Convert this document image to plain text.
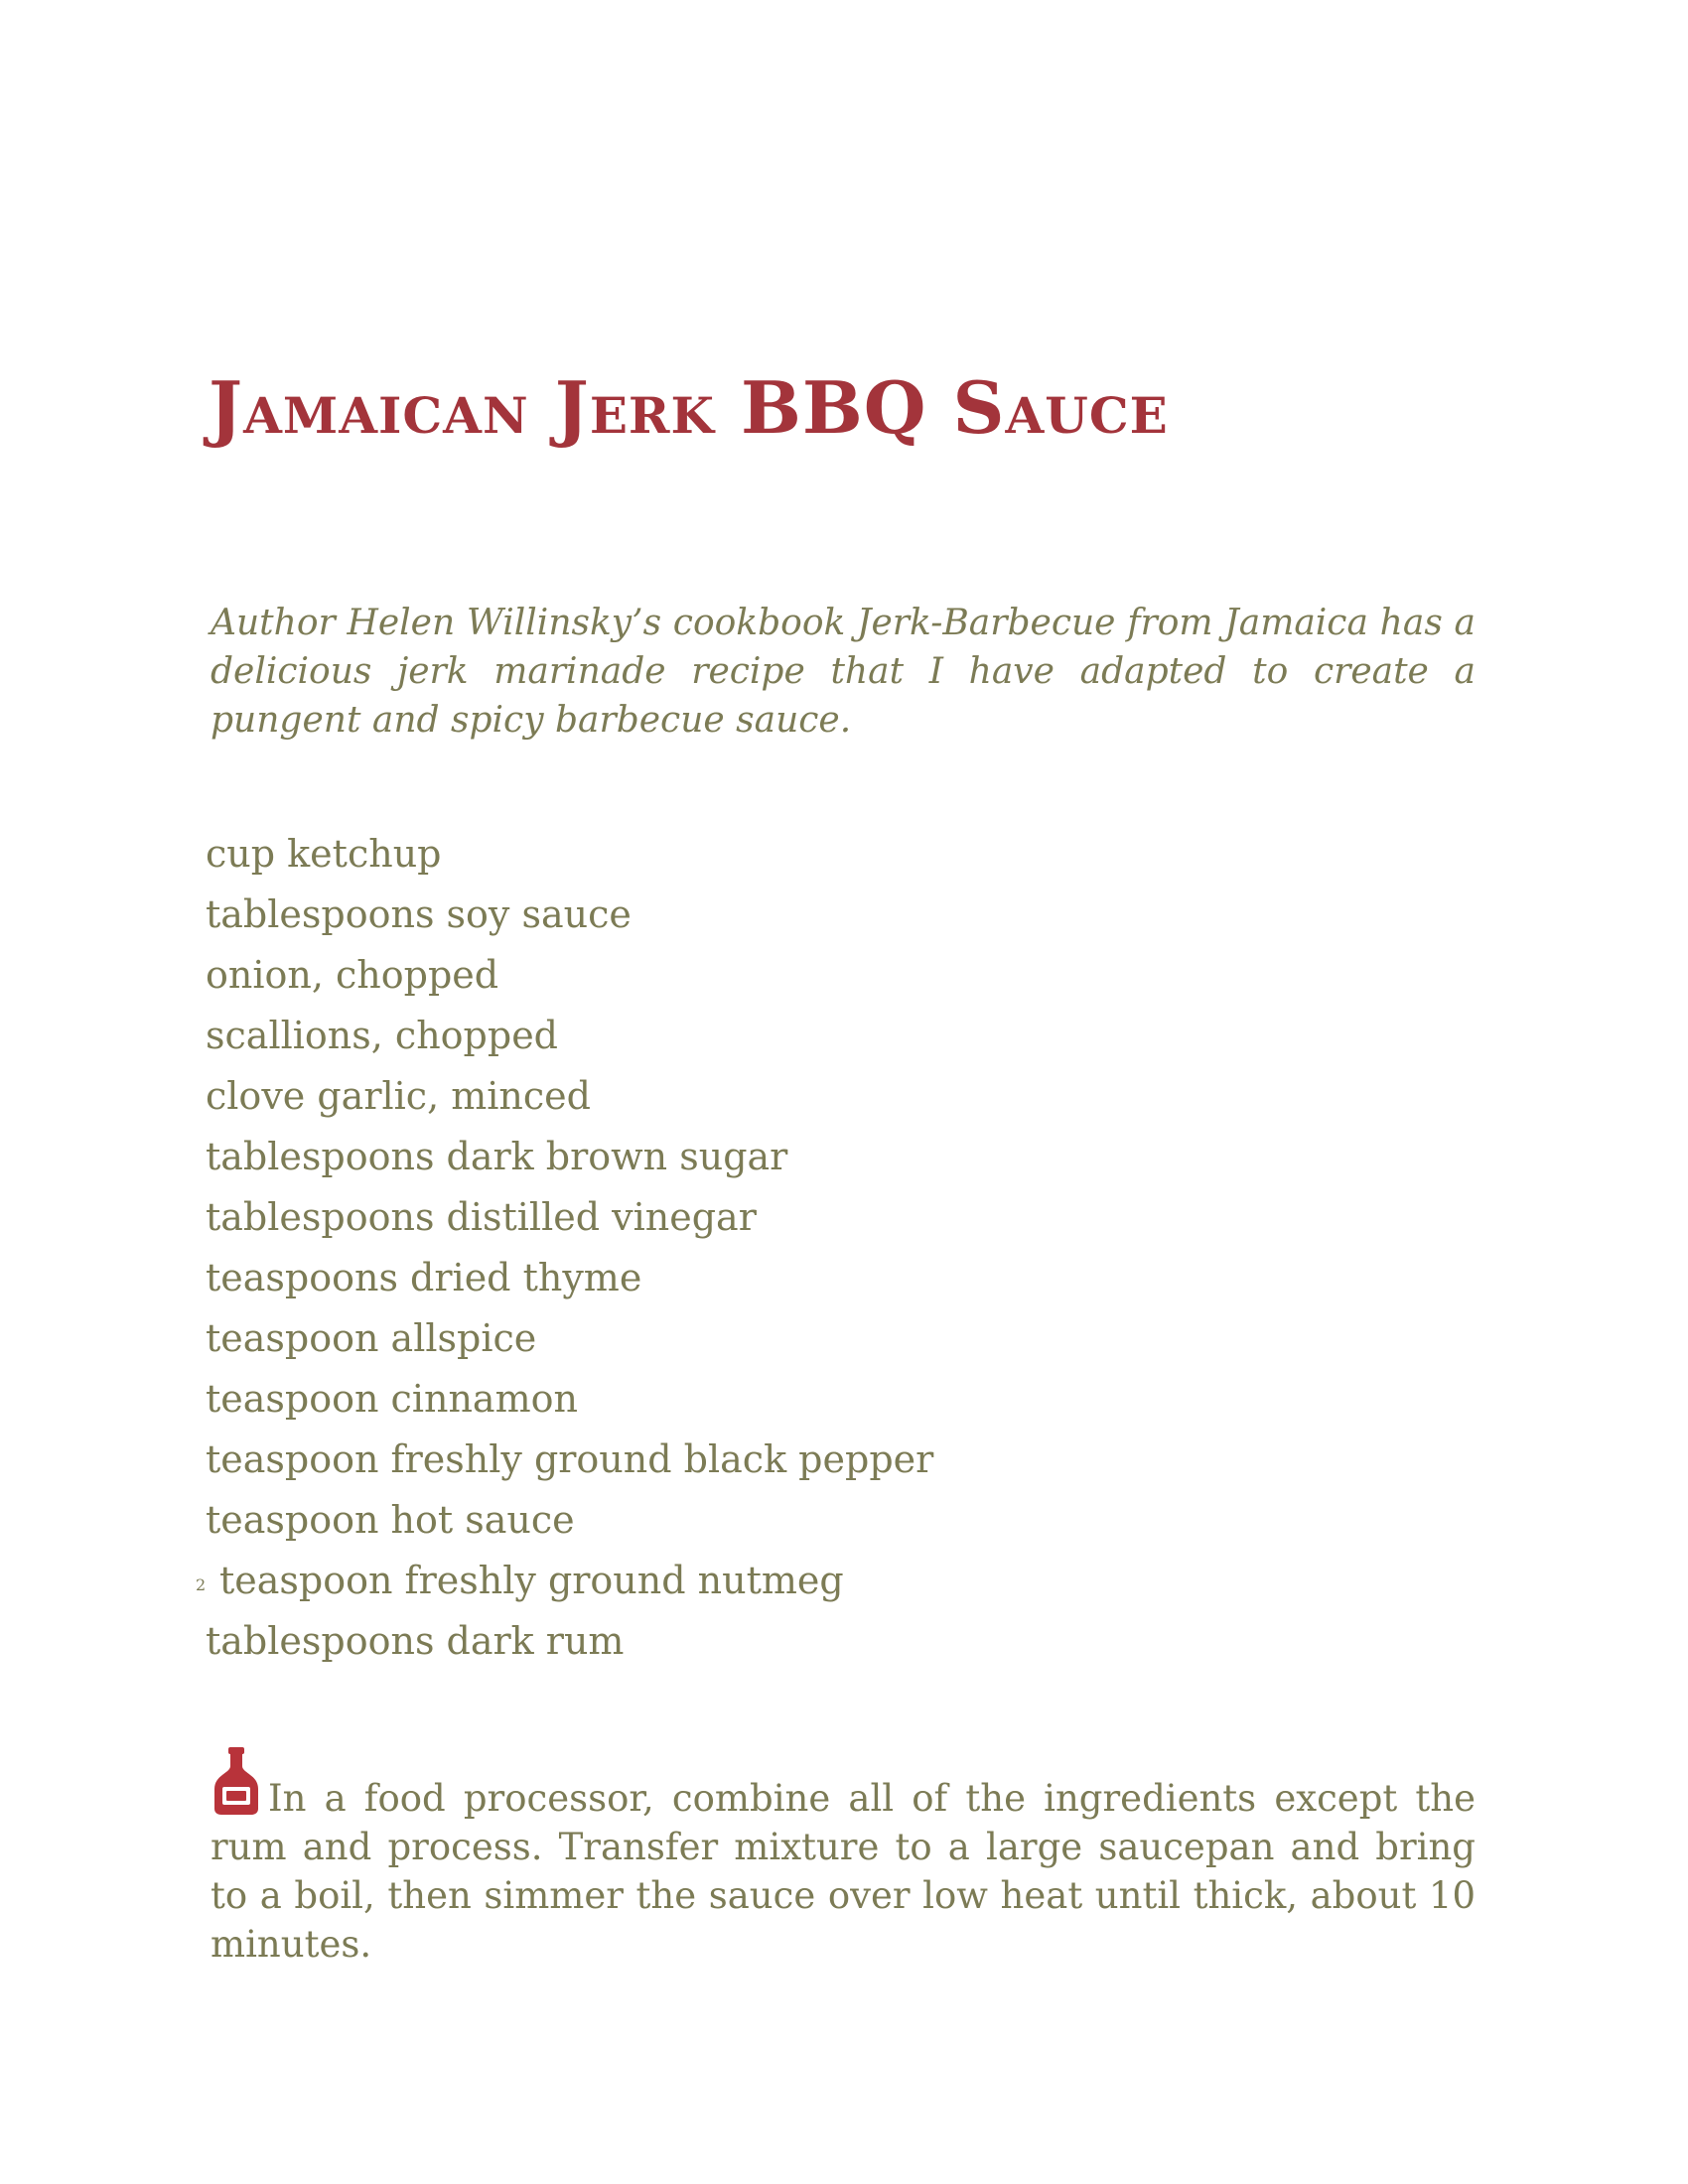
Jamaican Jerk BBQ Sauce

Author Helen Willinsky’s cookbook Jerk-Barbecue from Jamaica has a delicious jerk marinade recipe that I have adapted to create a pungent and spicy barbecue sauce.

cup ketchup
tablespoons soy sauce
onion, chopped
scallions, chopped
clove garlic, minced
tablespoons dark brown sugar
tablespoons distilled vinegar
teaspoons dried thyme
teaspoon allspice
teaspoon cinnamon
teaspoon freshly ground black pepper
teaspoon hot sauce
2 teaspoon freshly ground nutmeg
tablespoons dark rum

In a food processor, combine all of the ingredients except the rum and process. Transfer mixture to a large saucepan and bring to a boil, then simmer the sauce over low heat until thick, about 10 minutes.
